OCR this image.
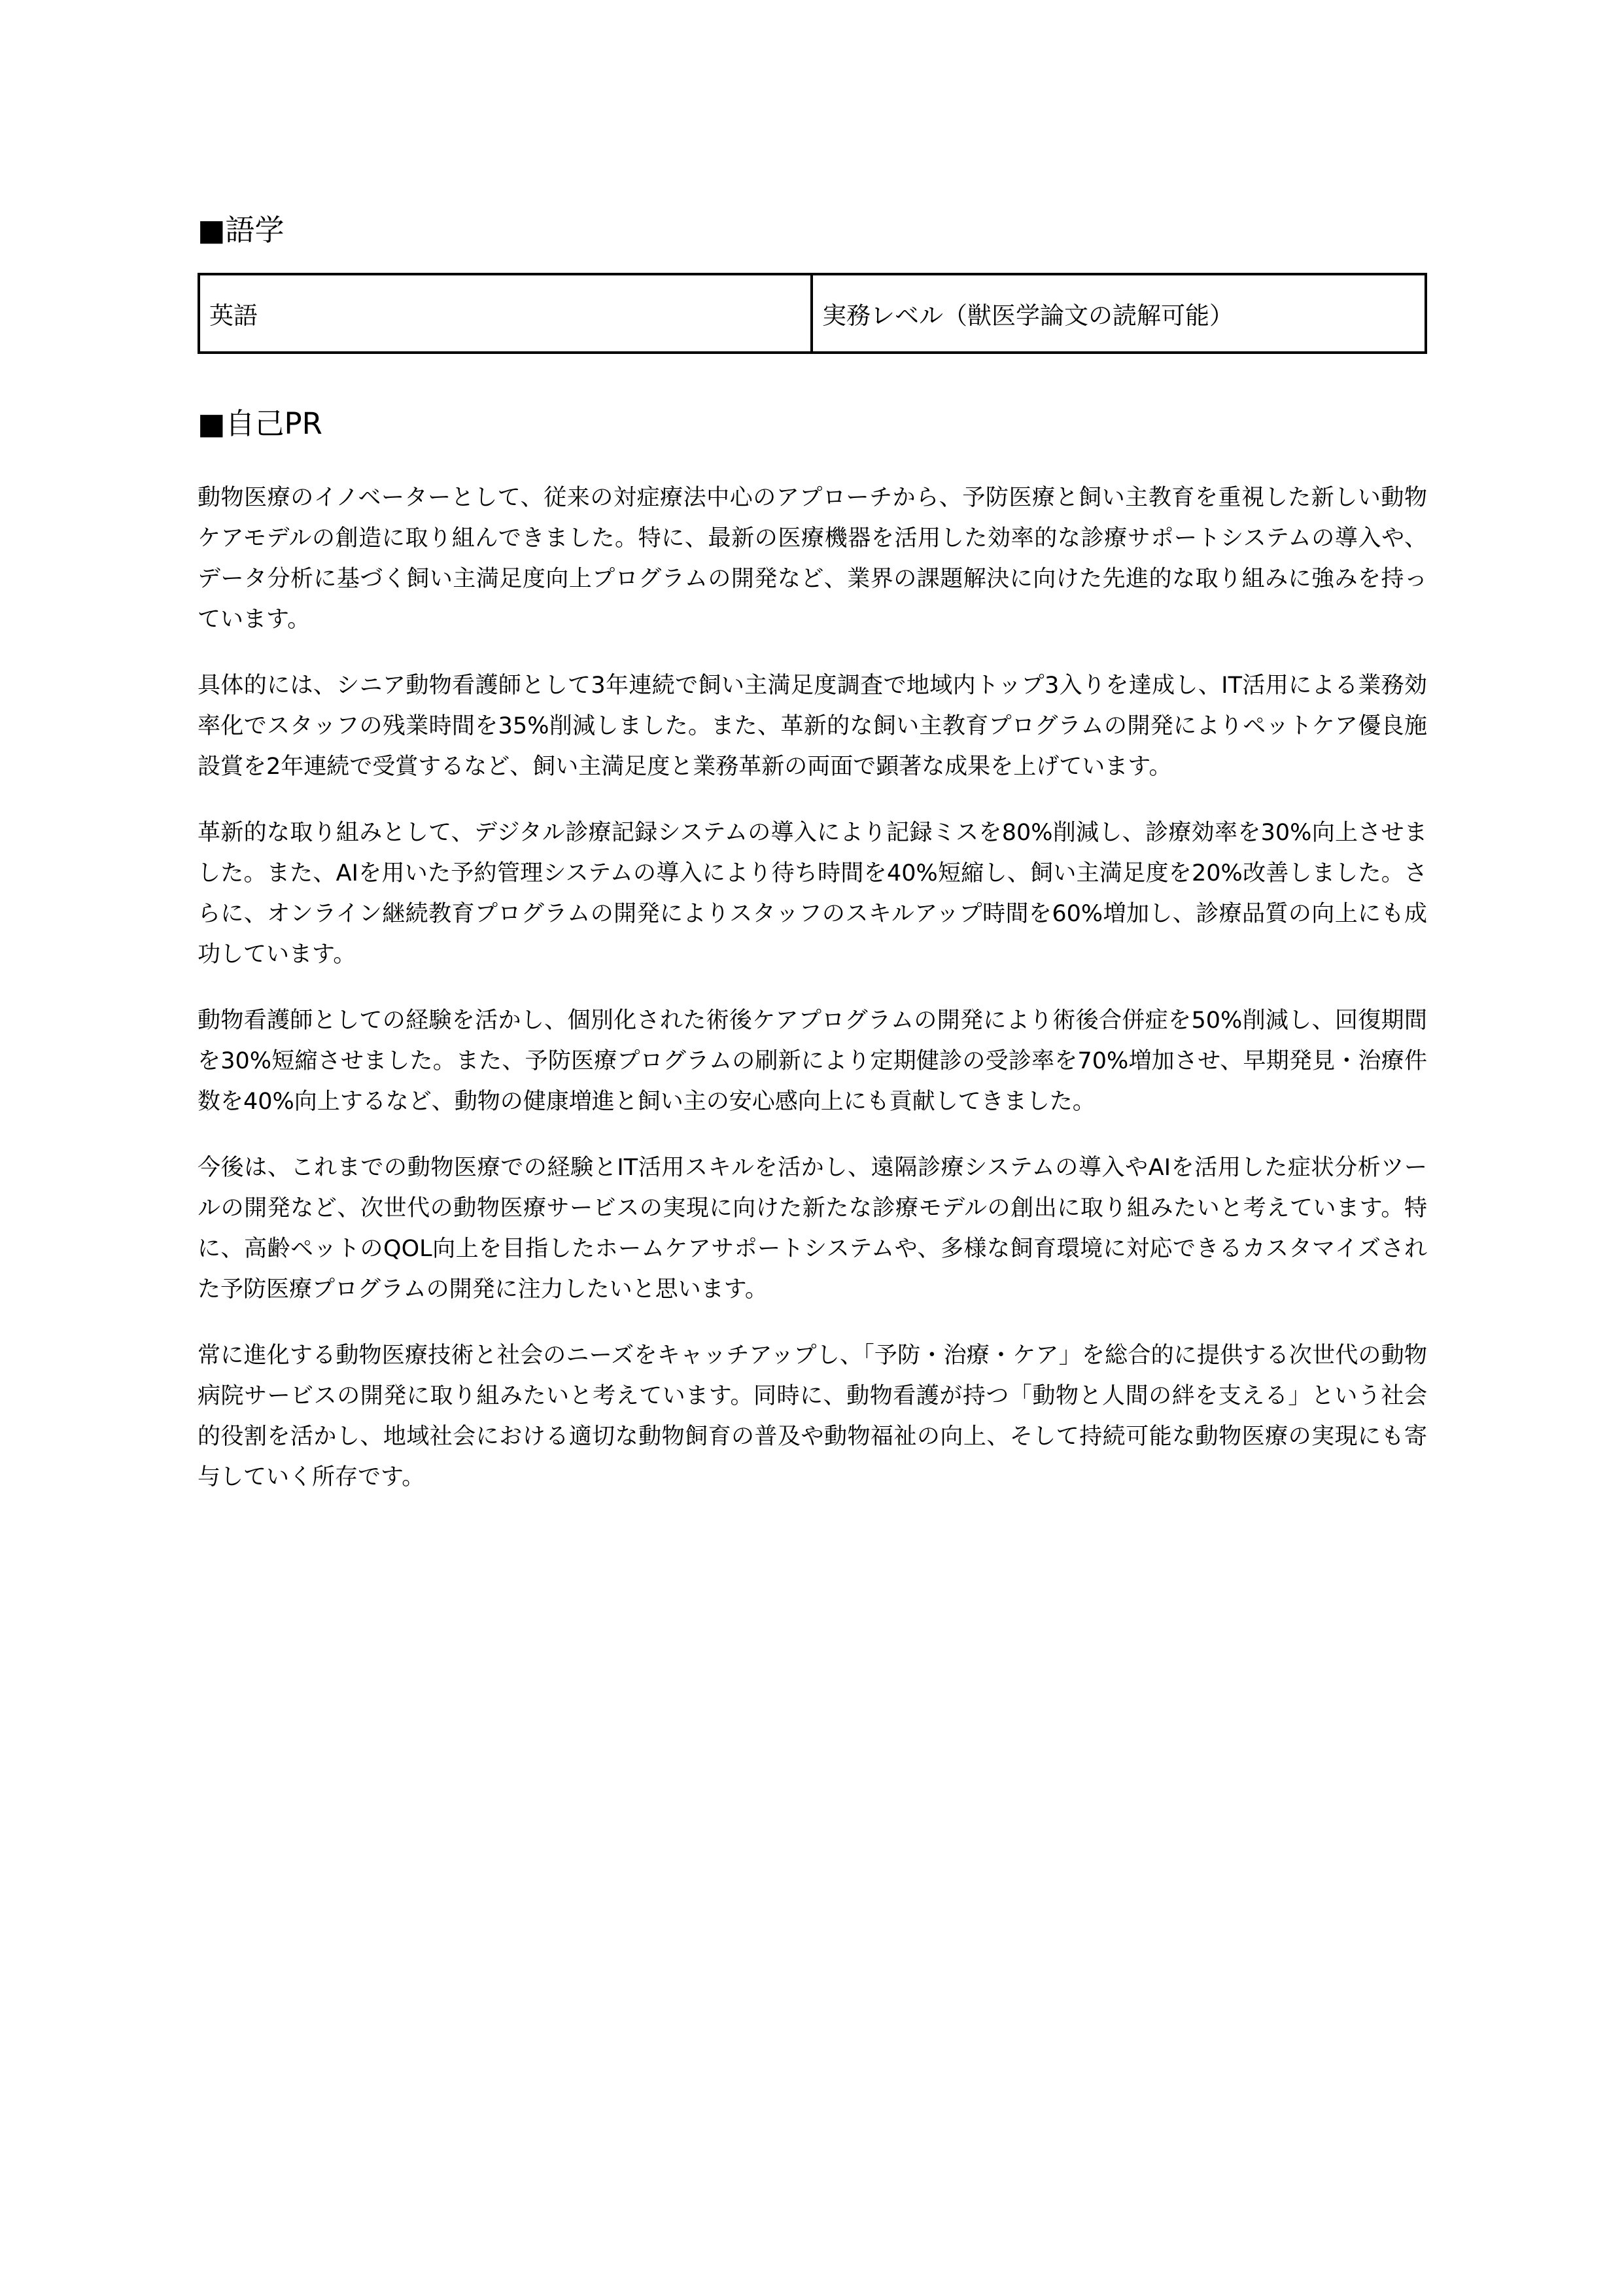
■語学
英語	実務レベル（獣医学論文の読解可能）
■自己PR

動物医療のイノベーターとして、従来の対症療法中心のアプローチから、予防医療と飼い主教育を重視した新しい動物ケアモデルの創造に取り組んできました。特に、最新の医療機器を活用した効率的な診療サポートシステムの導入や、データ分析に基づく飼い主満足度向上プログラムの開発など、業界の課題解決に向けた先進的な取り組みに強みを持っています。

具体的には、シニア動物看護師として3年連続で飼い主満足度調査で地域内トップ3入りを達成し、IT活用による業務効率化でスタッフの残業時間を35%削減しました。また、革新的な飼い主教育プログラムの開発によりペットケア優良施設賞を2年連続で受賞するなど、飼い主満足度と業務革新の両面で顕著な成果を上げています。

革新的な取り組みとして、デジタル診療記録システムの導入により記録ミスを80%削減し、診療効率を30%向上させました。また、AIを用いた予約管理システムの導入により待ち時間を40%短縮し、飼い主満足度を20%改善しました。さらに、オンライン継続教育プログラムの開発によりスタッフのスキルアップ時間を60%増加し、診療品質の向上にも成功しています。

動物看護師としての経験を活かし、個別化された術後ケアプログラムの開発により術後合併症を50%削減し、回復期間を30%短縮させました。また、予防医療プログラムの刷新により定期健診の受診率を70%増加させ、早期発見・治療件数を40%向上するなど、動物の健康増進と飼い主の安心感向上にも貢献してきました。

今後は、これまでの動物医療での経験とIT活用スキルを活かし、遠隔診療システムの導入やAIを活用した症状分析ツールの開発など、次世代の動物医療サービスの実現に向けた新たな診療モデルの創出に取り組みたいと考えています。特に、高齢ペットのQOL向上を目指したホームケアサポートシステムや、多様な飼育環境に対応できるカスタマイズされた予防医療プログラムの開発に注力したいと思います。

常に進化する動物医療技術と社会のニーズをキャッチアップし、「予防・治療・ケア」を総合的に提供する次世代の動物病院サービスの開発に取り組みたいと考えています。同時に、動物看護が持つ「動物と人間の絆を支える」という社会的役割を活かし、地域社会における適切な動物飼育の普及や動物福祉の向上、そして持続可能な動物医療の実現にも寄与していく所存です。
